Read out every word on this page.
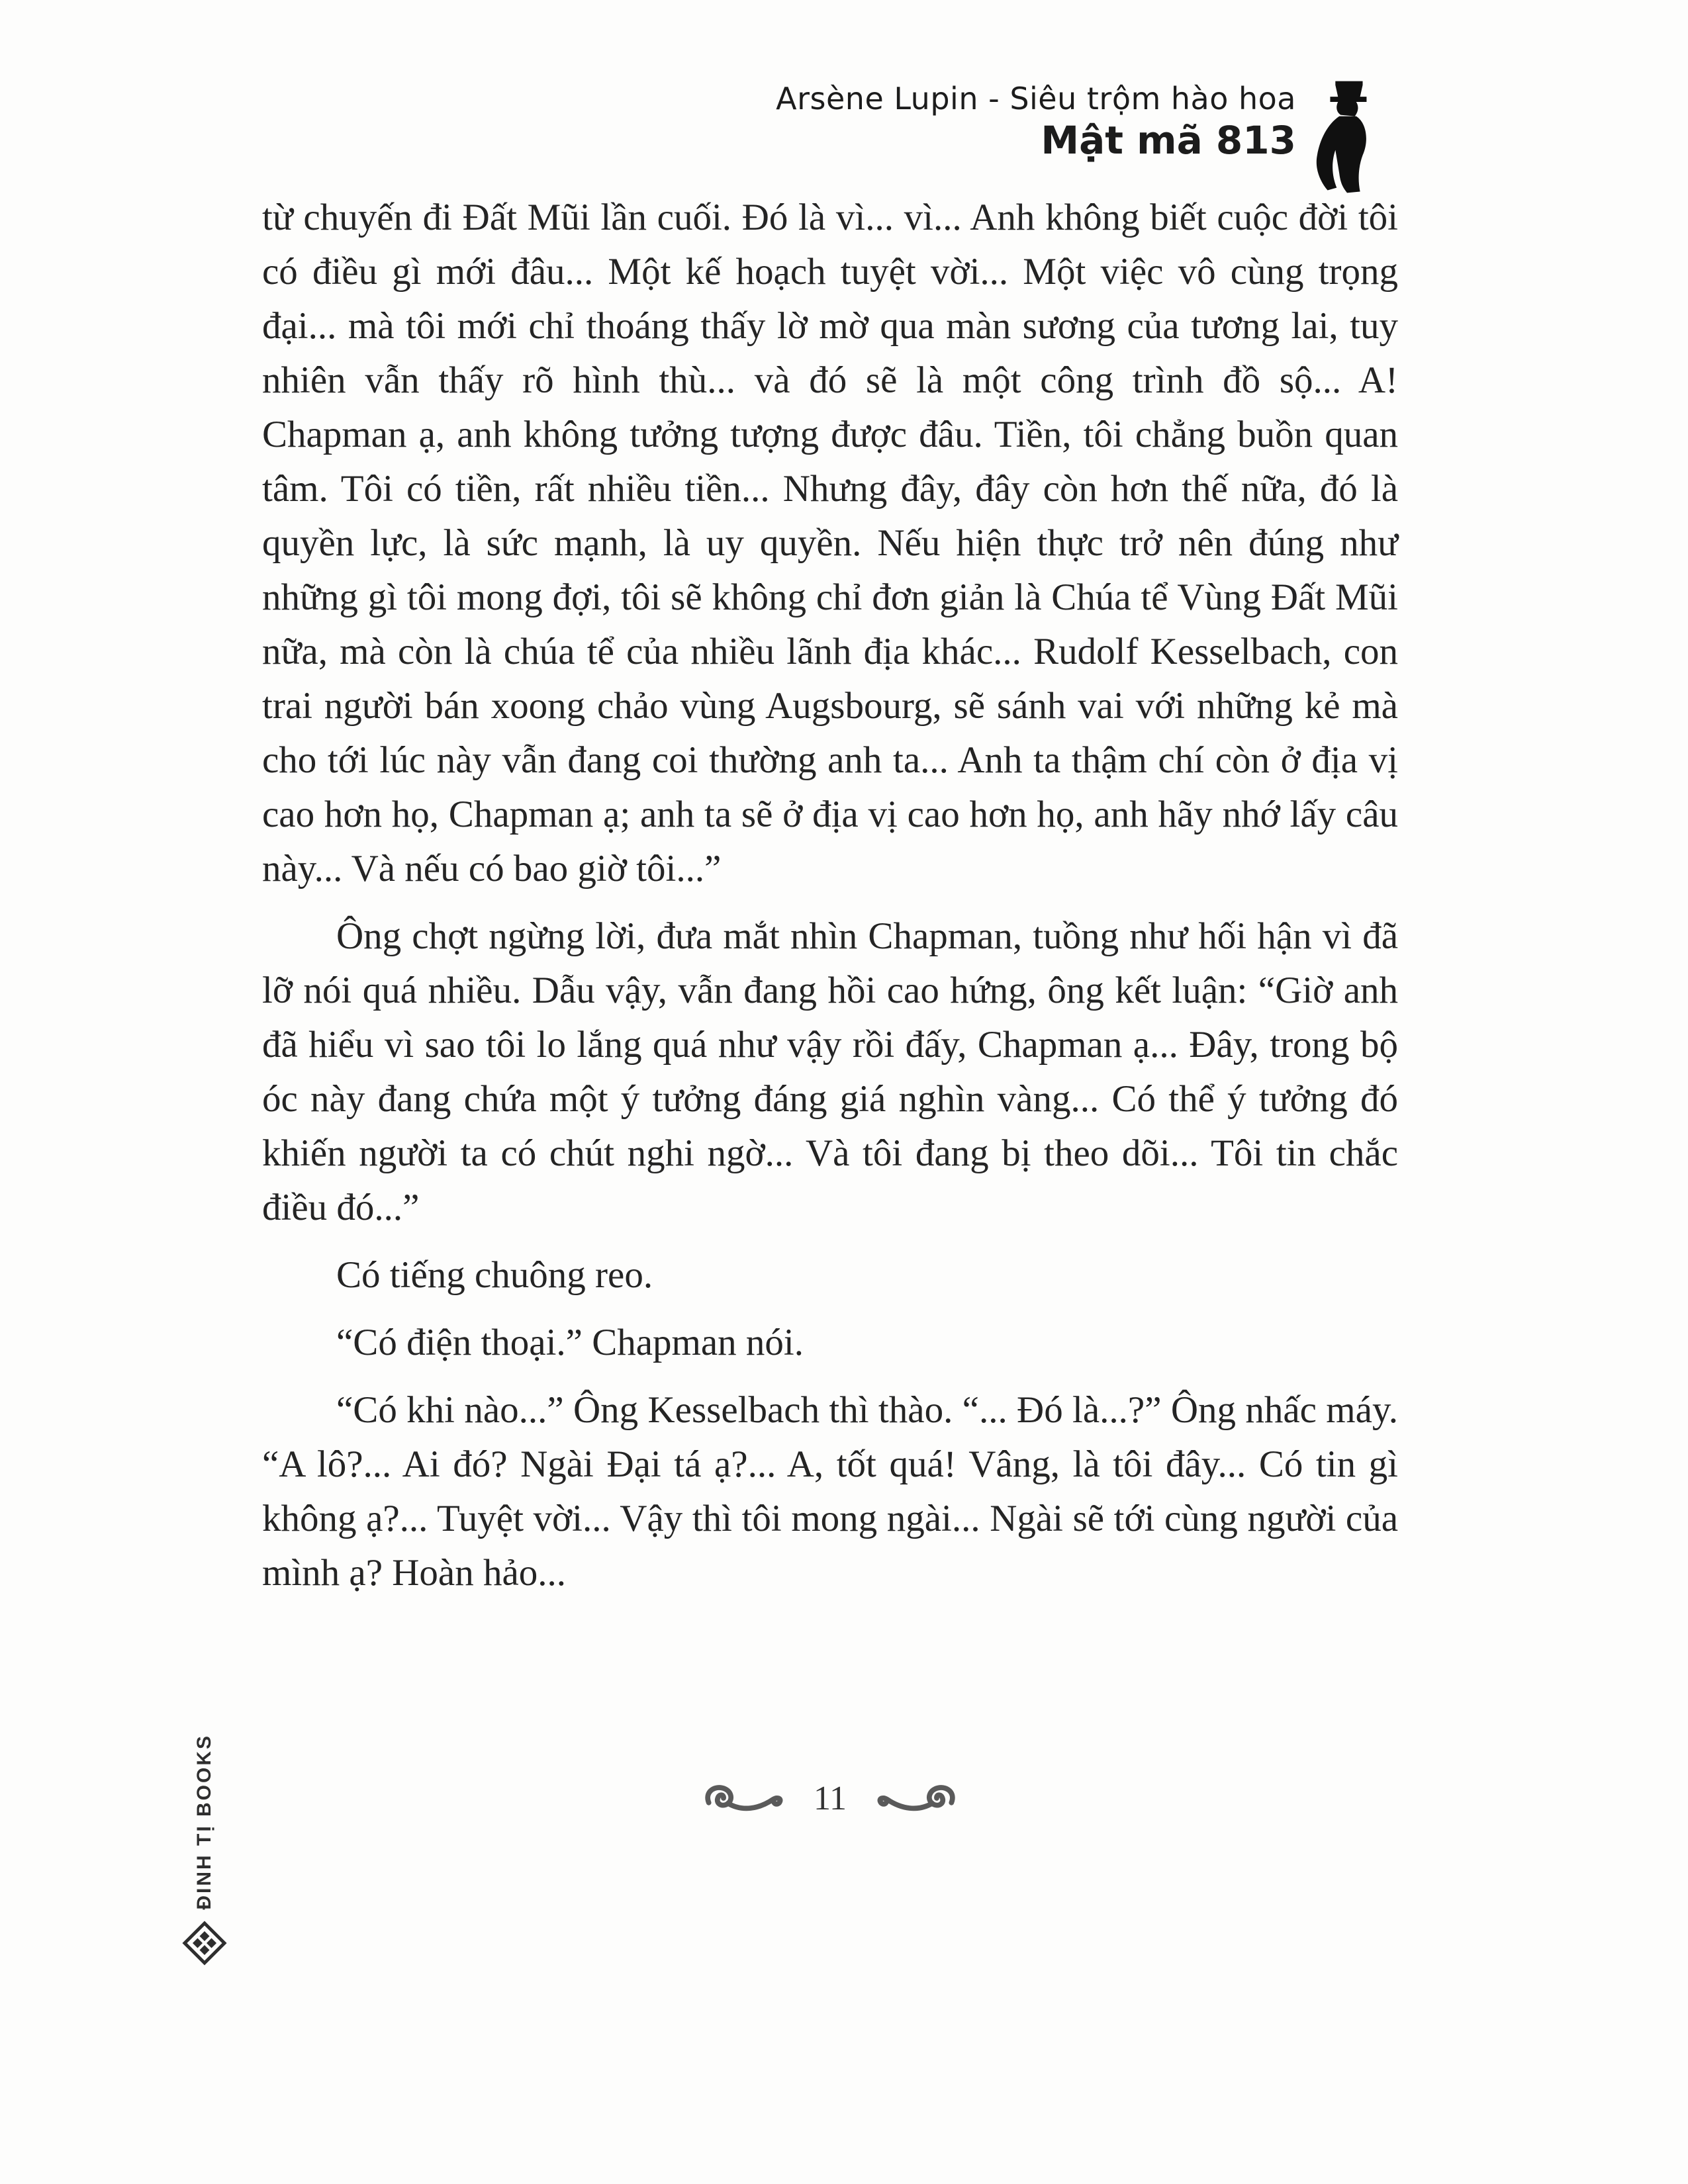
Arsène Lupin - Siêu trộm hào hoa
Mật mã 813

từ chuyến đi Đất Mũi lần cuối. Đó là vì... vì... Anh không biết cuộc đời tôi có điều gì mới đâu... Một kế hoạch tuyệt vời... Một việc vô cùng trọng đại... mà tôi mới chỉ thoáng thấy lờ mờ qua màn sương của tương lai, tuy nhiên vẫn thấy rõ hình thù... và đó sẽ là một công trình đồ sộ... A! Chapman ạ, anh không tưởng tượng được đâu. Tiền, tôi chẳng buồn quan tâm. Tôi có tiền, rất nhiều tiền... Nhưng đây, đây còn hơn thế nữa, đó là quyền lực, là sức mạnh, là uy quyền. Nếu hiện thực trở nên đúng như những gì tôi mong đợi, tôi sẽ không chỉ đơn giản là Chúa tể Vùng Đất Mũi nữa, mà còn là chúa tể của nhiều lãnh địa khác... Rudolf Kesselbach, con trai người bán xoong chảo vùng Augsbourg, sẽ sánh vai với những kẻ mà cho tới lúc này vẫn đang coi thường anh ta... Anh ta thậm chí còn ở địa vị cao hơn họ, Chapman ạ; anh ta sẽ ở địa vị cao hơn họ, anh hãy nhớ lấy câu này... Và nếu có bao giờ tôi...”

Ông chợt ngừng lời, đưa mắt nhìn Chapman, tuồng như hối hận vì đã lỡ nói quá nhiều. Dẫu vậy, vẫn đang hồi cao hứng, ông kết luận: “Giờ anh đã hiểu vì sao tôi lo lắng quá như vậy rồi đấy, Chapman ạ... Đây, trong bộ óc này đang chứa một ý tưởng đáng giá nghìn vàng... Có thể ý tưởng đó khiến người ta có chút nghi ngờ... Và tôi đang bị theo dõi... Tôi tin chắc điều đó...”

Có tiếng chuông reo.

“Có điện thoại.” Chapman nói.

“Có khi nào...” Ông Kesselbach thì thào. “... Đó là...?” Ông nhấc máy. “A lô?... Ai đó? Ngài Đại tá ạ?... A, tốt quá! Vâng, là tôi đây... Có tin gì không ạ?... Tuyệt vời... Vậy thì tôi mong ngài... Ngài sẽ tới cùng người của mình ạ? Hoàn hảo...

ĐINH TỊ BOOKS	11
